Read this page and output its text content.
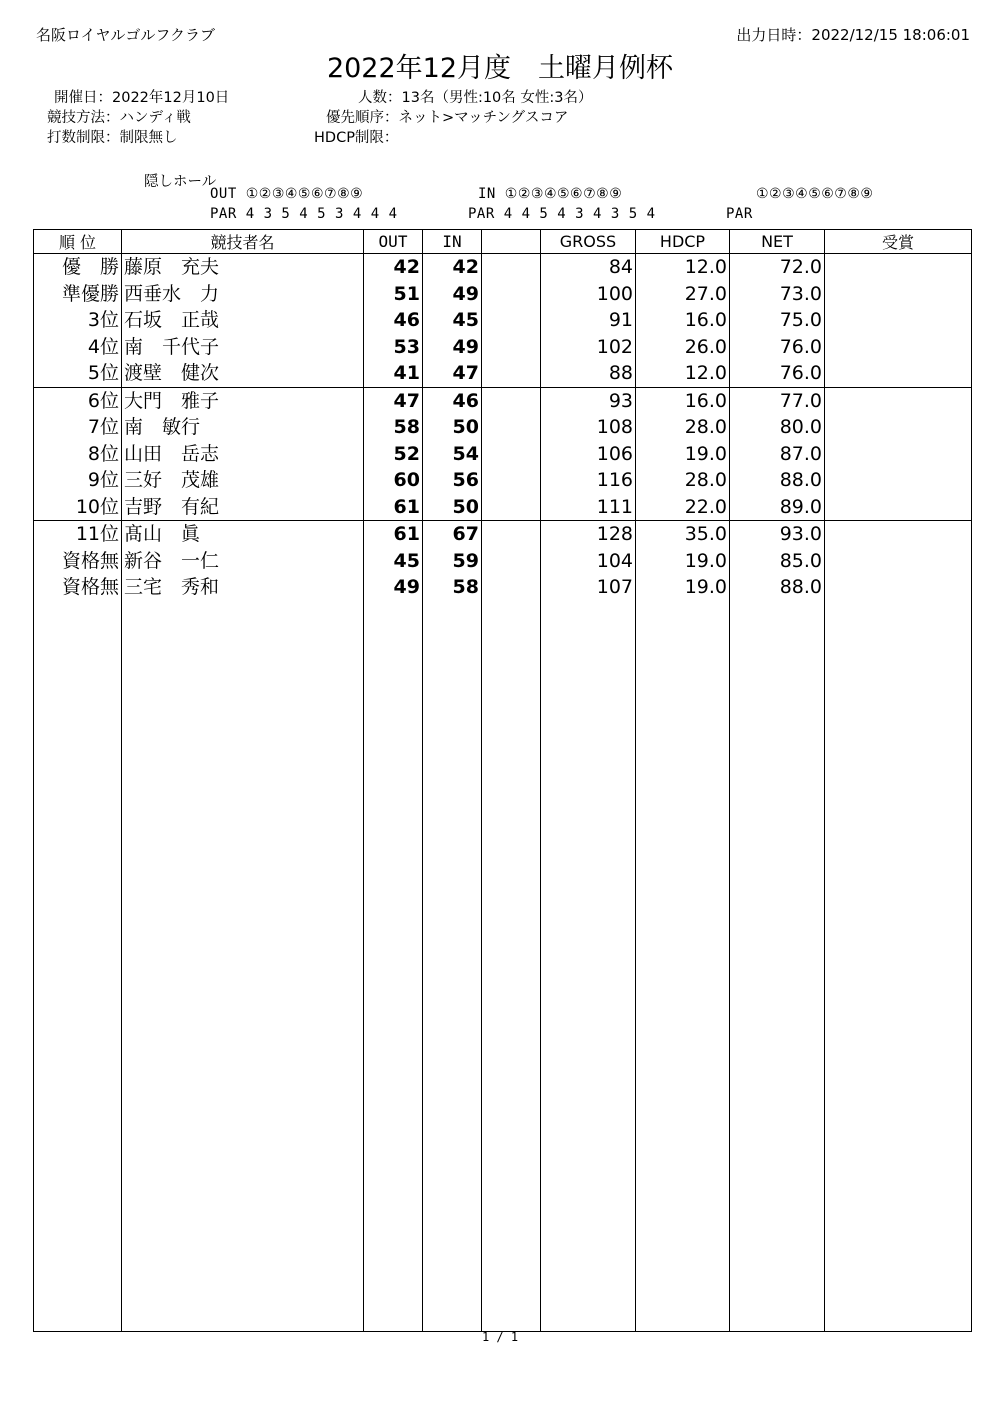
名阪ロイヤルゴルフクラブ	出力日時：2022/12/15 18:06:01
2022年12月度　土曜月例杯
開催日：2022年12月10日
競技方法：ハンディ戦
打数制限：制限無し
人数：13名（男性:10名 女性:3名）
優先順序：ネット>マッチングスコア
HDCP制限：
隠しホール
OUT ①②③④⑤⑥⑦⑧⑨
PAR 4 3 5 4 5 3 4 4 4
IN ①②③④⑤⑥⑦⑧⑨
PAR 4 4 5 4 3 4 3 5 4
①②③④⑤⑥⑦⑧⑨
PAR
順 位	競技者名	OUT	IN		GROSS	HDCP	NET	受賞
優　勝	藤原　充夫	42	42		84	12.0	72.0	
準優勝	西垂水　力	51	49		100	27.0	73.0	
3位	石坂　正哉	46	45		91	16.0	75.0	
4位	南　千代子	53	49		102	26.0	76.0	
5位	渡壁　健次	41	47		88	12.0	76.0	
6位	大門　雅子	47	46		93	16.0	77.0	
7位	南　敏行	58	50		108	28.0	80.0	
8位	山田　岳志	52	54		106	19.0	87.0	
9位	三好　茂雄	60	56		116	28.0	88.0	
10位	吉野　有紀	61	50		111	22.0	89.0	
11位	髙山　眞	61	67		128	35.0	93.0	
資格無	新谷　一仁	45	59		104	19.0	85.0	
資格無	三宅　秀和	49	58		107	19.0	88.0	

1 / 1
